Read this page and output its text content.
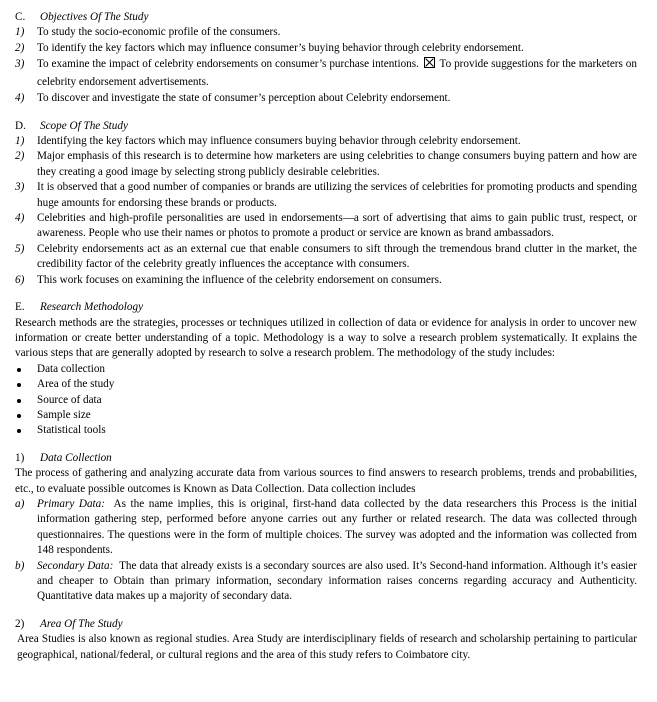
C. Objectives Of The Study

1) To study the socio-economic profile of the consumers.

2) To identify the key factors which may influence consumer’s buying behavior through celebrity endorsement.

3) To examine the impact of celebrity endorsements on consumer’s purchase intentions. To provide suggestions for the marketers on celebrity endorsement advertisements.

4) To discover and investigate the state of consumer’s perception about Celebrity endorsement.

D. Scope Of The Study

1) Identifying the key factors which may influence consumers buying behavior through celebrity endorsement.

2) Major emphasis of this research is to determine how marketers are using celebrities to change consumers buying pattern and how are they creating a good image by selecting strong publicly desirable celebrities.

3) It is observed that a good number of companies or brands are utilizing the services of celebrities for promoting products and spending huge amounts for endorsing these brands or products.

4) Celebrities and high-profile personalities are used in endorsements—a sort of advertising that aims to gain public trust, respect, or awareness. People who use their names or photos to promote a product or service are known as brand ambassadors.

5) Celebrity endorsements act as an external cue that enable consumers to sift through the tremendous brand clutter in the market, the credibility factor of the celebrity greatly influences the acceptance with consumers.

6) This work focuses on examining the influence of the celebrity endorsement on consumers.

E. Research Methodology

Research methods are the strategies, processes or techniques utilized in collection of data or evidence for analysis in order to uncover new information or create better understanding of a topic. Methodology is a way to solve a research problem systematically. It explains the various steps that are generally adopted by research to solve a research problem. The methodology of the study includes:

Data collection
Area of the study
Source of data
Sample size
Statistical tools

1) Data Collection

The process of gathering and analyzing accurate data from various sources to find answers to research problems, trends and probabilities, etc., to evaluate possible outcomes is Known as Data Collection. Data collection includes

a) Primary Data: As the name implies, this is original, first-hand data collected by the data researchers this Process is the initial information gathering step, performed before anyone carries out any further or related research. The data was collected through questionnaires. The questions were in the form of multiple choices. The survey was adopted and the information was collected from 148 respondents.

b) Secondary Data: The data that already exists is a secondary sources are also used. It’s Second-hand information. Although it’s easier and cheaper to Obtain than primary information, secondary information raises concerns regarding accuracy and Authenticity. Quantitative data makes up a majority of secondary data.

2) Area Of The Study

Area Studies is also known as regional studies. Area Study are interdisciplinary fields of research and scholarship pertaining to particular geographical, national/federal, or cultural regions and the area of this study refers to Coimbatore city.
